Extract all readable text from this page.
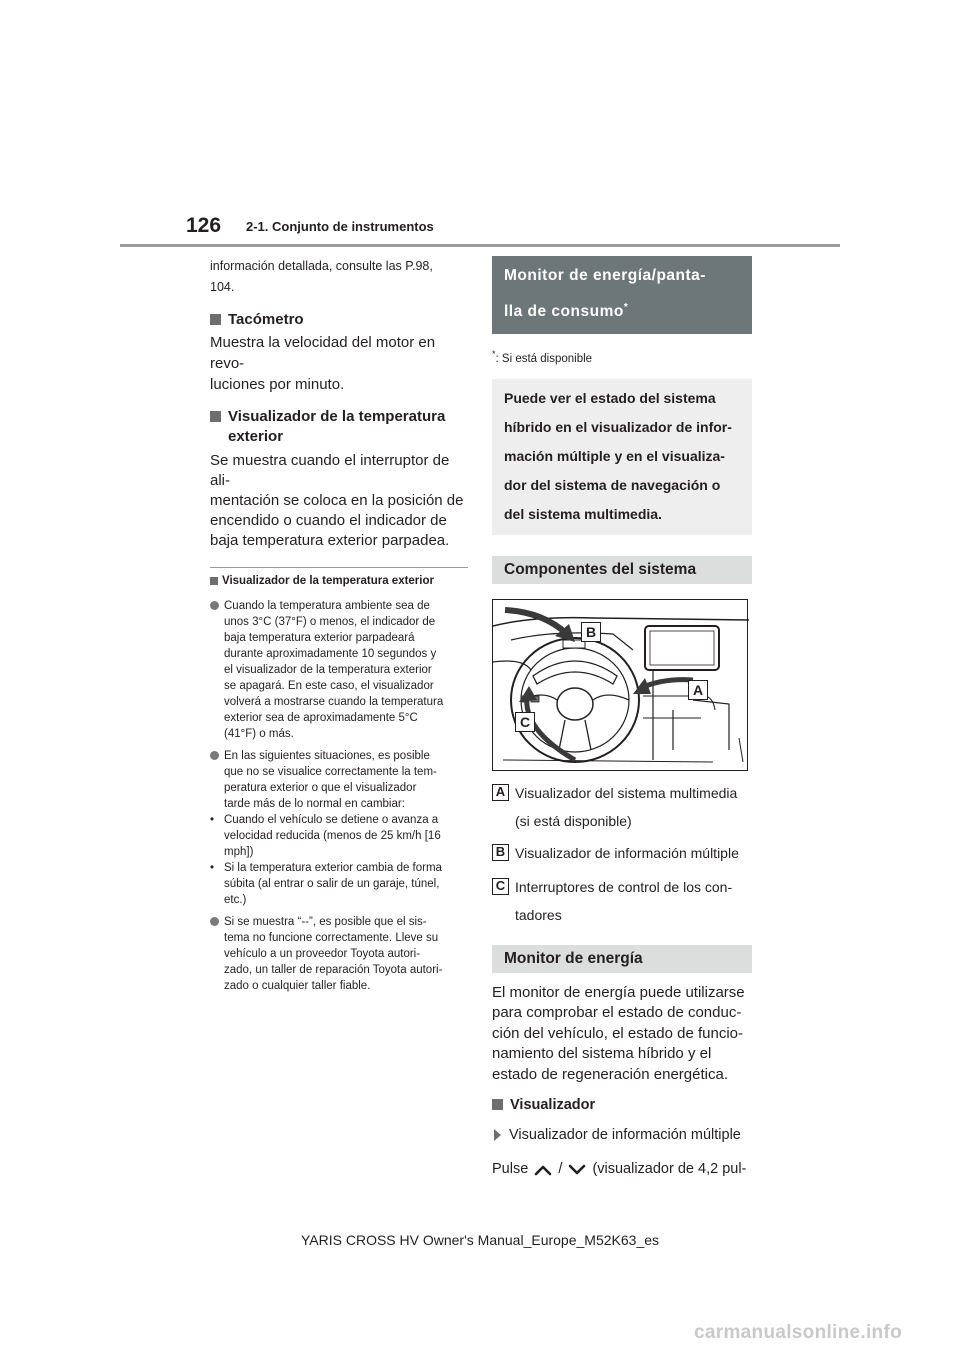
126 2-1. Conjunto de instrumentos
información detallada, consulte las P.98,
104.
Tacómetro
Muestra la velocidad del motor en revo-
luciones por minuto.
Visualizador de la temperatura
exterior
Se muestra cuando el interruptor de ali-
mentación se coloca en la posición de
encendido o cuando el indicador de
baja temperatura exterior parpadea.
Visualizador de la temperatura exterior
Cuando la temperatura ambiente sea de
unos 3°C (37°F) o menos, el indicador de
baja temperatura exterior parpadeará
durante aproximadamente 10 segundos y
el visualizador de la temperatura exterior
se apagará. En este caso, el visualizador
volverá a mostrarse cuando la temperatura
exterior sea de aproximadamente 5°C
(41°F) o más.
En las siguientes situaciones, es posible
que no se visualice correctamente la tem-
peratura exterior o que el visualizador
tarde más de lo normal en cambiar:
• Cuando el vehículo se detiene o avanza a
velocidad reducida (menos de 25 km/h [16
mph])
• Si la temperatura exterior cambia de forma
súbita (al entrar o salir de un garaje, túnel,
etc.)
Si se muestra “--”, es posible que el sis-
tema no funcione correctamente. Lleve su
vehículo a un proveedor Toyota autori-
zado, un taller de reparación Toyota autori-
zado o cualquier taller fiable.
Monitor de energía/panta-
lla de consumo*
*: Si está disponible
Puede ver el estado del sistema
híbrido en el visualizador de infor-
mación múltiple y en el visualiza-
dor del sistema de navegación o
del sistema multimedia.
Componentes del sistema
B
A
C
A Visualizador del sistema multimedia
(si está disponible)
B Visualizador de información múltiple
C Interruptores de control de los con-
tadores
Monitor de energía
El monitor de energía puede utilizarse
para comprobar el estado de conduc-
ción del vehículo, el estado de funcio-
namiento del sistema híbrido y el
estado de regeneración energética.
Visualizador
Visualizador de información múltiple
Pulse / (visualizador de 4,2 pul-
YARIS CROSS HV Owner's Manual_Europe_M52K63_es
carmanualsonline.info
